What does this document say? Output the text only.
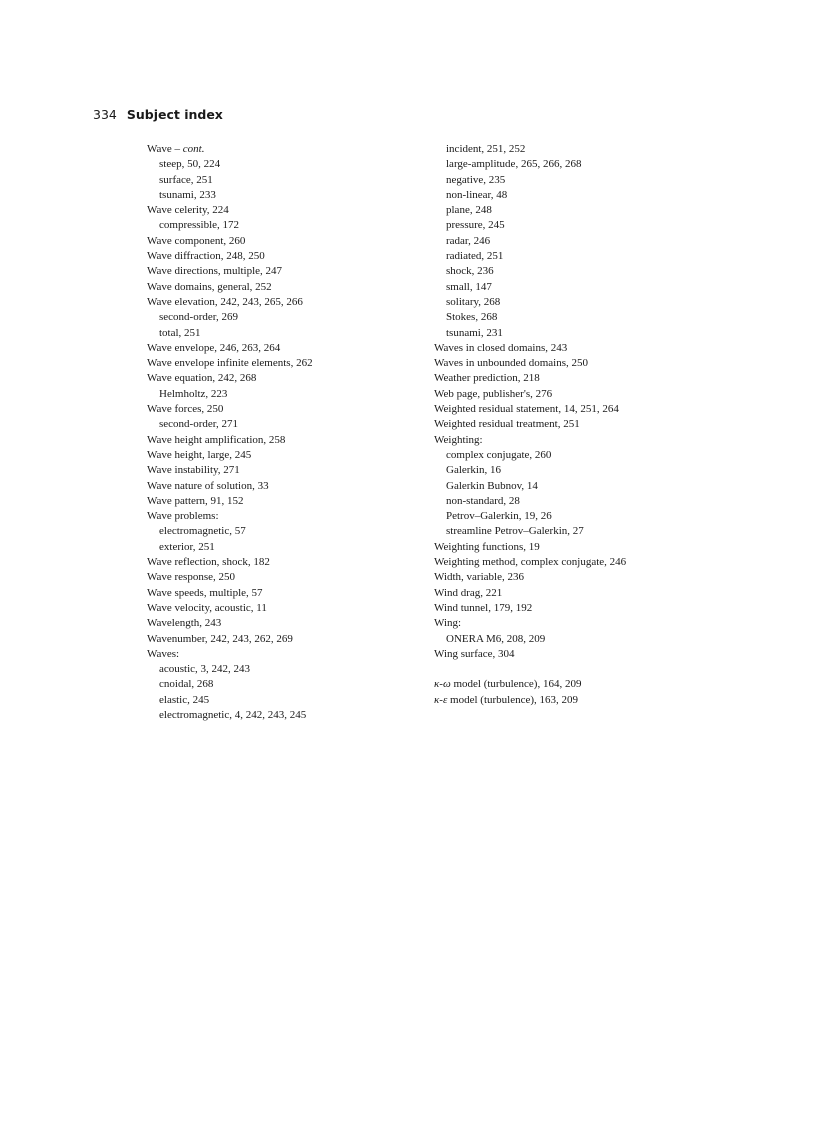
334 Subject index
Wave – cont.
steep, 50, 224
surface, 251
tsunami, 233
Wave celerity, 224
compressible, 172
Wave component, 260
Wave diffraction, 248, 250
Wave directions, multiple, 247
Wave domains, general, 252
Wave elevation, 242, 243, 265, 266
second-order, 269
total, 251
Wave envelope, 246, 263, 264
Wave envelope infinite elements, 262
Wave equation, 242, 268
Helmholtz, 223
Wave forces, 250
second-order, 271
Wave height amplification, 258
Wave height, large, 245
Wave instability, 271
Wave nature of solution, 33
Wave pattern, 91, 152
Wave problems:
electromagnetic, 57
exterior, 251
Wave reflection, shock, 182
Wave response, 250
Wave speeds, multiple, 57
Wave velocity, acoustic, 11
Wavelength, 243
Wavenumber, 242, 243, 262, 269
Waves:
acoustic, 3, 242, 243
cnoidal, 268
elastic, 245
electromagnetic, 4, 242, 243, 245
incident, 251, 252
large-amplitude, 265, 266, 268
negative, 235
non-linear, 48
plane, 248
pressure, 245
radar, 246
radiated, 251
shock, 236
small, 147
solitary, 268
Stokes, 268
tsunami, 231
Waves in closed domains, 243
Waves in unbounded domains, 250
Weather prediction, 218
Web page, publisher's, 276
Weighted residual statement, 14, 251, 264
Weighted residual treatment, 251
Weighting:
complex conjugate, 260
Galerkin, 16
Galerkin Bubnov, 14
non-standard, 28
Petrov–Galerkin, 19, 26
streamline Petrov–Galerkin, 27
Weighting functions, 19
Weighting method, complex conjugate, 246
Width, variable, 236
Wind drag, 221
Wind tunnel, 179, 192
Wing:
ONERA M6, 208, 209
Wing surface, 304
κ-ω model (turbulence), 164, 209
κ-ε model (turbulence), 163, 209
